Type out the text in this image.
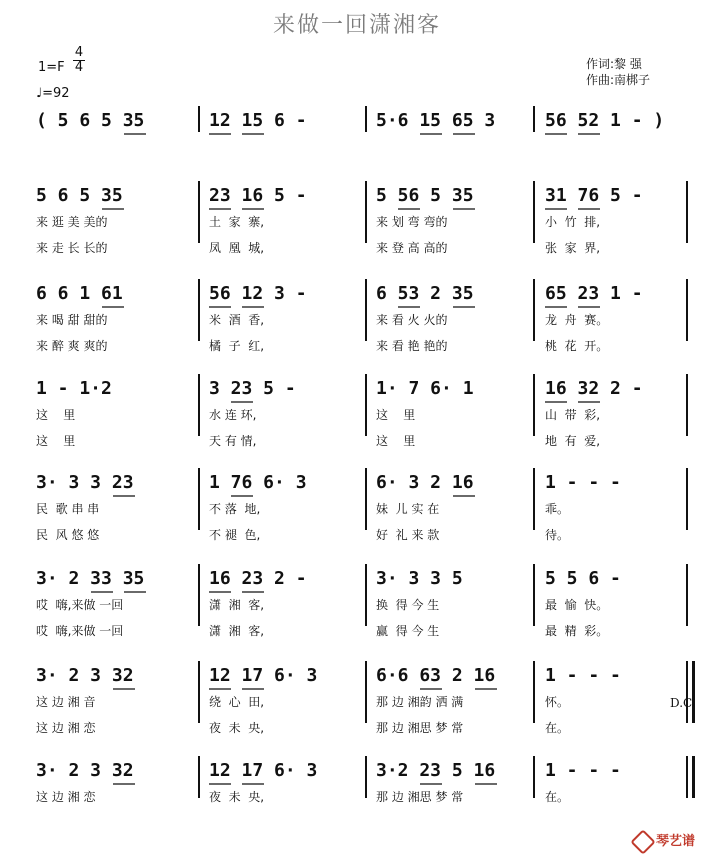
来做一回潇湘客
1=F
4
4
♩=92
作词:黎 强
作曲:南梆子
( 5 6 5 35	12 15 6 -	5·6 15 65 3	56 52 1 - )
5 6 5 35
来 逛 美 美的
来 走 长 长的
23 16 5 -
土  家  寨,
凤  凰  城,
5 56 5 35
来 划 弯 弯的
来 登 高 高的
31 76 5 -
小  竹  排,
张  家  界,
6 6 1 61
来 喝 甜 甜的
来 醉 爽 爽的
56 12 3 -
米  酒  香,
橘  子  红,
6 53 2 35
来 看 火 火的
来 看 艳 艳的
65 23 1 -
龙  舟  赛。
桃  花  开。
1 - 1·2
这    里
这    里
3 23 5 -
水 连 环,
天 有 情,
1· 7 6· 1
这    里
这    里
16 32 2 -
山  带  彩,
地  有  爱,
3· 3 3 23
民  歌 串 串
民  风 悠 悠
1 76 6· 3
不 落  地,
不 褪  色,
6· 3 2 16
妹  儿 实 在
好  礼 来 款
1 - - -
乖。
待。
3· 2 33 35
哎  嗨,来做 一回
哎  嗨,来做 一回
16 23 2 -
潇  湘  客,
潇  湘  客,
3· 3 3 5
换  得 今 生
赢  得 今 生
5 5 6 -
最  愉  快。
最  精  彩。
3· 2 3 32
这 边 湘 音
这 边 湘 恋
12 17 6· 3
绕  心  田,
夜  未  央,
6·6 63 2 16
那 边 湘韵 洒 满
那 边 湘思 梦 常
1 - - -
怀。
在。
3· 2 3 32
这 边 湘 恋
12 17 6· 3
夜  未  央,
3·2 23 5 16
那 边 湘思 梦 常
1 - - -
在。
D.C.
琴艺谱
